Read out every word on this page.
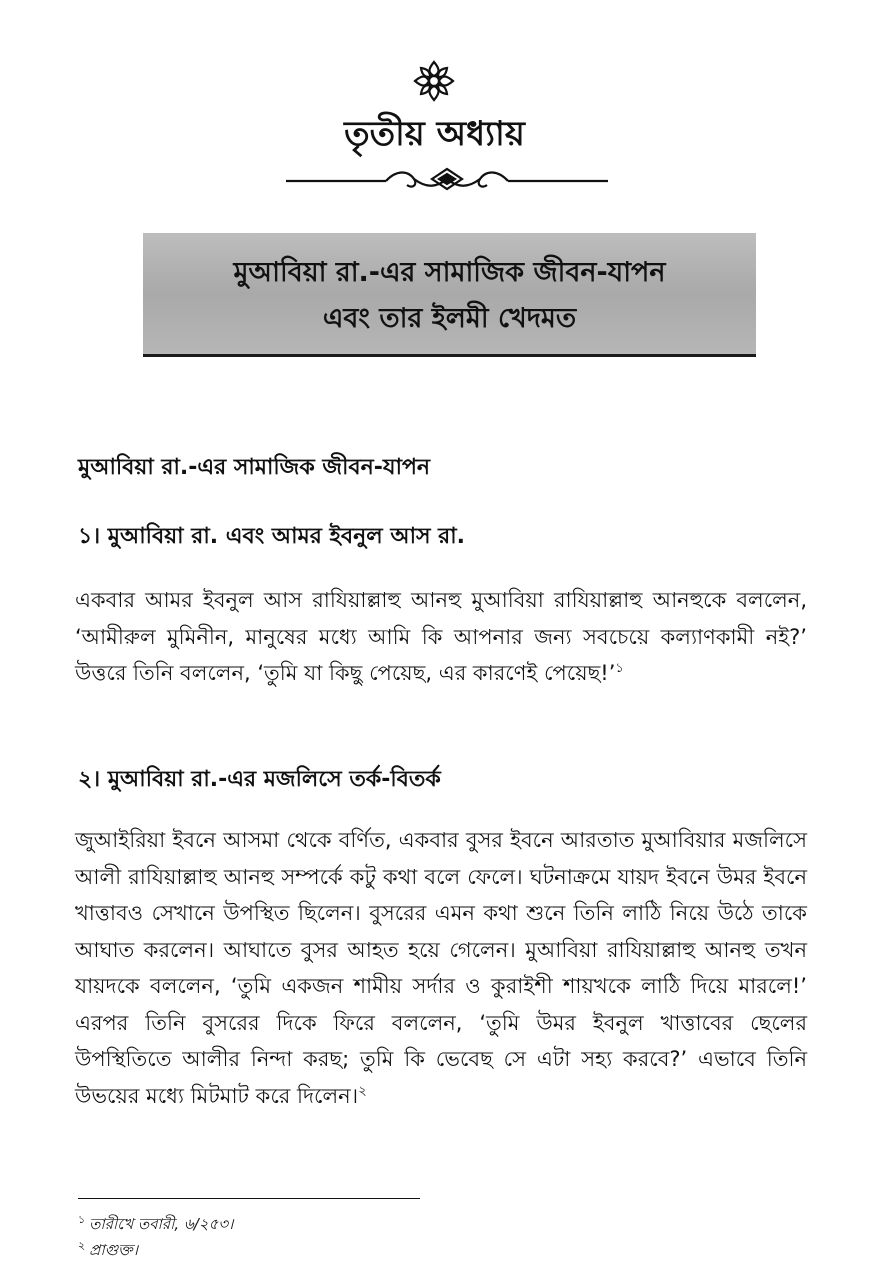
তৃতীয় অধ্যায়
মুআবিয়া রা.-এর সামাজিক জীবন-যাপন
এবং তার ইলমী খেদমত
মুআবিয়া রা.-এর সামাজিক জীবন-যাপন
১। মুআবিয়া রা. এবং আমর ইবনুল আস রা.
একবার আমর ইবনুল আস রাযিয়াল্লাহু আনহু মুআবিয়া রাযিয়াল্লাহু আনহুকে বললেন, ‘আমীরুল মুমিনীন, মানুষের মধ্যে আমি কি আপনার জন্য সবচেয়ে কল্যাণকামী নই?’ উত্তরে তিনি বললেন, ‘তুমি যা কিছু পেয়েছ, এর কারণেই পেয়েছ!’$^১$
২। মুআবিয়া রা.-এর মজলিসে তর্ক-বিতর্ক
জুআইরিয়া ইবনে আসমা থেকে বর্ণিত, একবার বুসর ইবনে আরতাত মুআবিয়ার মজলিসে আলী রাযিয়াল্লাহু আনহু সম্পর্কে কটু কথা বলে ফেলে। ঘটনাক্রমে যায়দ ইবনে উমর ইবনে খাত্তাবও সেখানে উপস্থিত ছিলেন। বুসরের এমন কথা শুনে তিনি লাঠি নিয়ে উঠে তাকে আঘাত করলেন। আঘাতে বুসর আহত হয়ে গেলেন। মুআবিয়া রাযিয়াল্লাহু আনহু তখন যায়দকে বললেন, ‘তুমি একজন শামীয় সর্দার ও কুরাইশী শায়খকে লাঠি দিয়ে মারলে!’ এরপর তিনি বুসরের দিকে ফিরে বললেন, ‘তুমি উমর ইবনুল খাত্তাবের ছেলের উপস্থিতিতে আলীর নিন্দা করছ; তুমি কি ভেবেছ সে এটা সহ্য করবে?’ এভাবে তিনি উভয়ের মধ্যে মিটমাট করে দিলেন।$^২$
$^১$ তারীখে তবারী, ৬/২৫৩।
$^২$ প্রাগুক্ত।
